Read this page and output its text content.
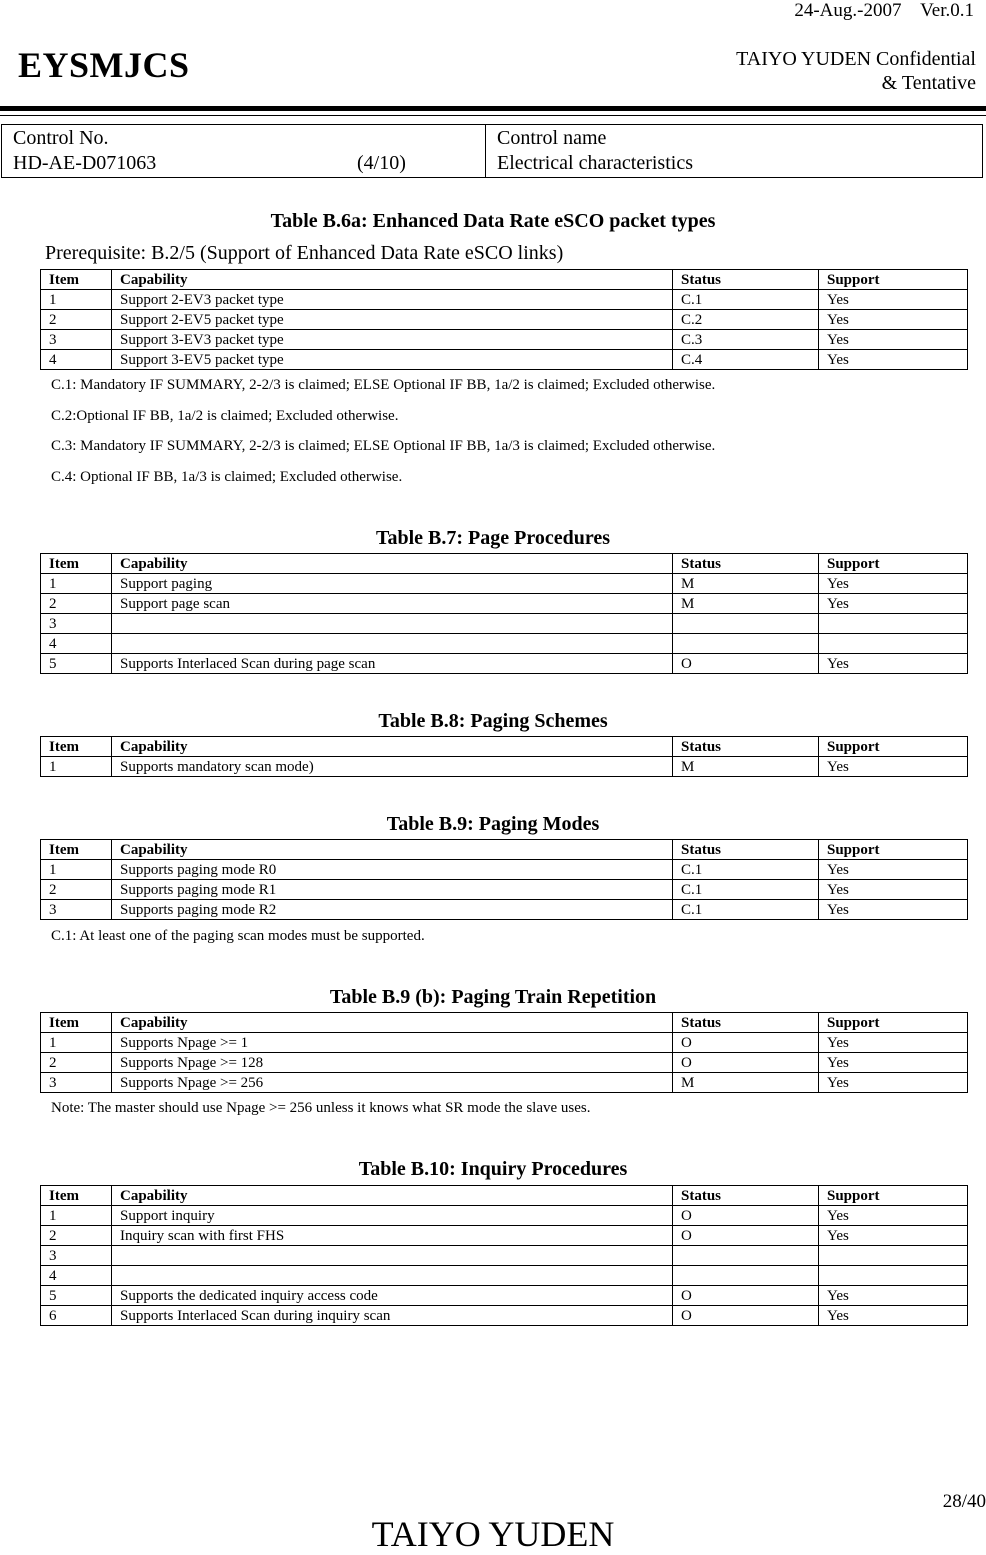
24-Aug.-2007 Ver.0.1
EYSMJCS	TAIYO YUDEN Confidential
& Tentative
Control No.
HD-AE-D071063	(4/10)
Control name
Electrical characteristics
Table B.6a: Enhanced Data Rate eSCO packet types
Prerequisite: B.2/5 (Support of Enhanced Data Rate eSCO links)
Item	Capability	Status	Support
1	Support 2-EV3 packet type	C.1	Yes
2	Support 2-EV5 packet type	C.2	Yes
3	Support 3-EV3 packet type	C.3	Yes
4	Support 3-EV5 packet type	C.4	Yes
C.1: Mandatory IF SUMMARY, 2-2/3 is claimed; ELSE Optional IF BB, 1a/2 is claimed; Excluded otherwise.
C.2:Optional IF BB, 1a/2 is claimed; Excluded otherwise.
C.3: Mandatory IF SUMMARY, 2-2/3 is claimed; ELSE Optional IF BB, 1a/3 is claimed; Excluded otherwise.
C.4: Optional IF BB, 1a/3 is claimed; Excluded otherwise.
Table B.7: Page Procedures
Item	Capability	Status	Support
1	Support paging	M	Yes
2	Support page scan	M	Yes
3			
4			
5	Supports Interlaced Scan during page scan	O	Yes
Table B.8: Paging Schemes
Item	Capability	Status	Support
1	Supports mandatory scan mode)	M	Yes
Table B.9: Paging Modes
Item	Capability	Status	Support
1	Supports paging mode R0	C.1	Yes
2	Supports paging mode R1	C.1	Yes
3	Supports paging mode R2	C.1	Yes
C.1: At least one of the paging scan modes must be supported.
Table B.9 (b): Paging Train Repetition
Item	Capability	Status	Support
1	Supports Npage >= 1	O	Yes
2	Supports Npage >= 128	O	Yes
3	Supports Npage >= 256	M	Yes
Note: The master should use Npage >= 256 unless it knows what SR mode the slave uses.
Table B.10: Inquiry Procedures
Item	Capability	Status	Support
1	Support inquiry	O	Yes
2	Inquiry scan with first FHS	O	Yes
3			
4			
5	Supports the dedicated inquiry access code	O	Yes
6	Supports Interlaced Scan during inquiry scan	O	Yes
28/40
TAIYO YUDEN
